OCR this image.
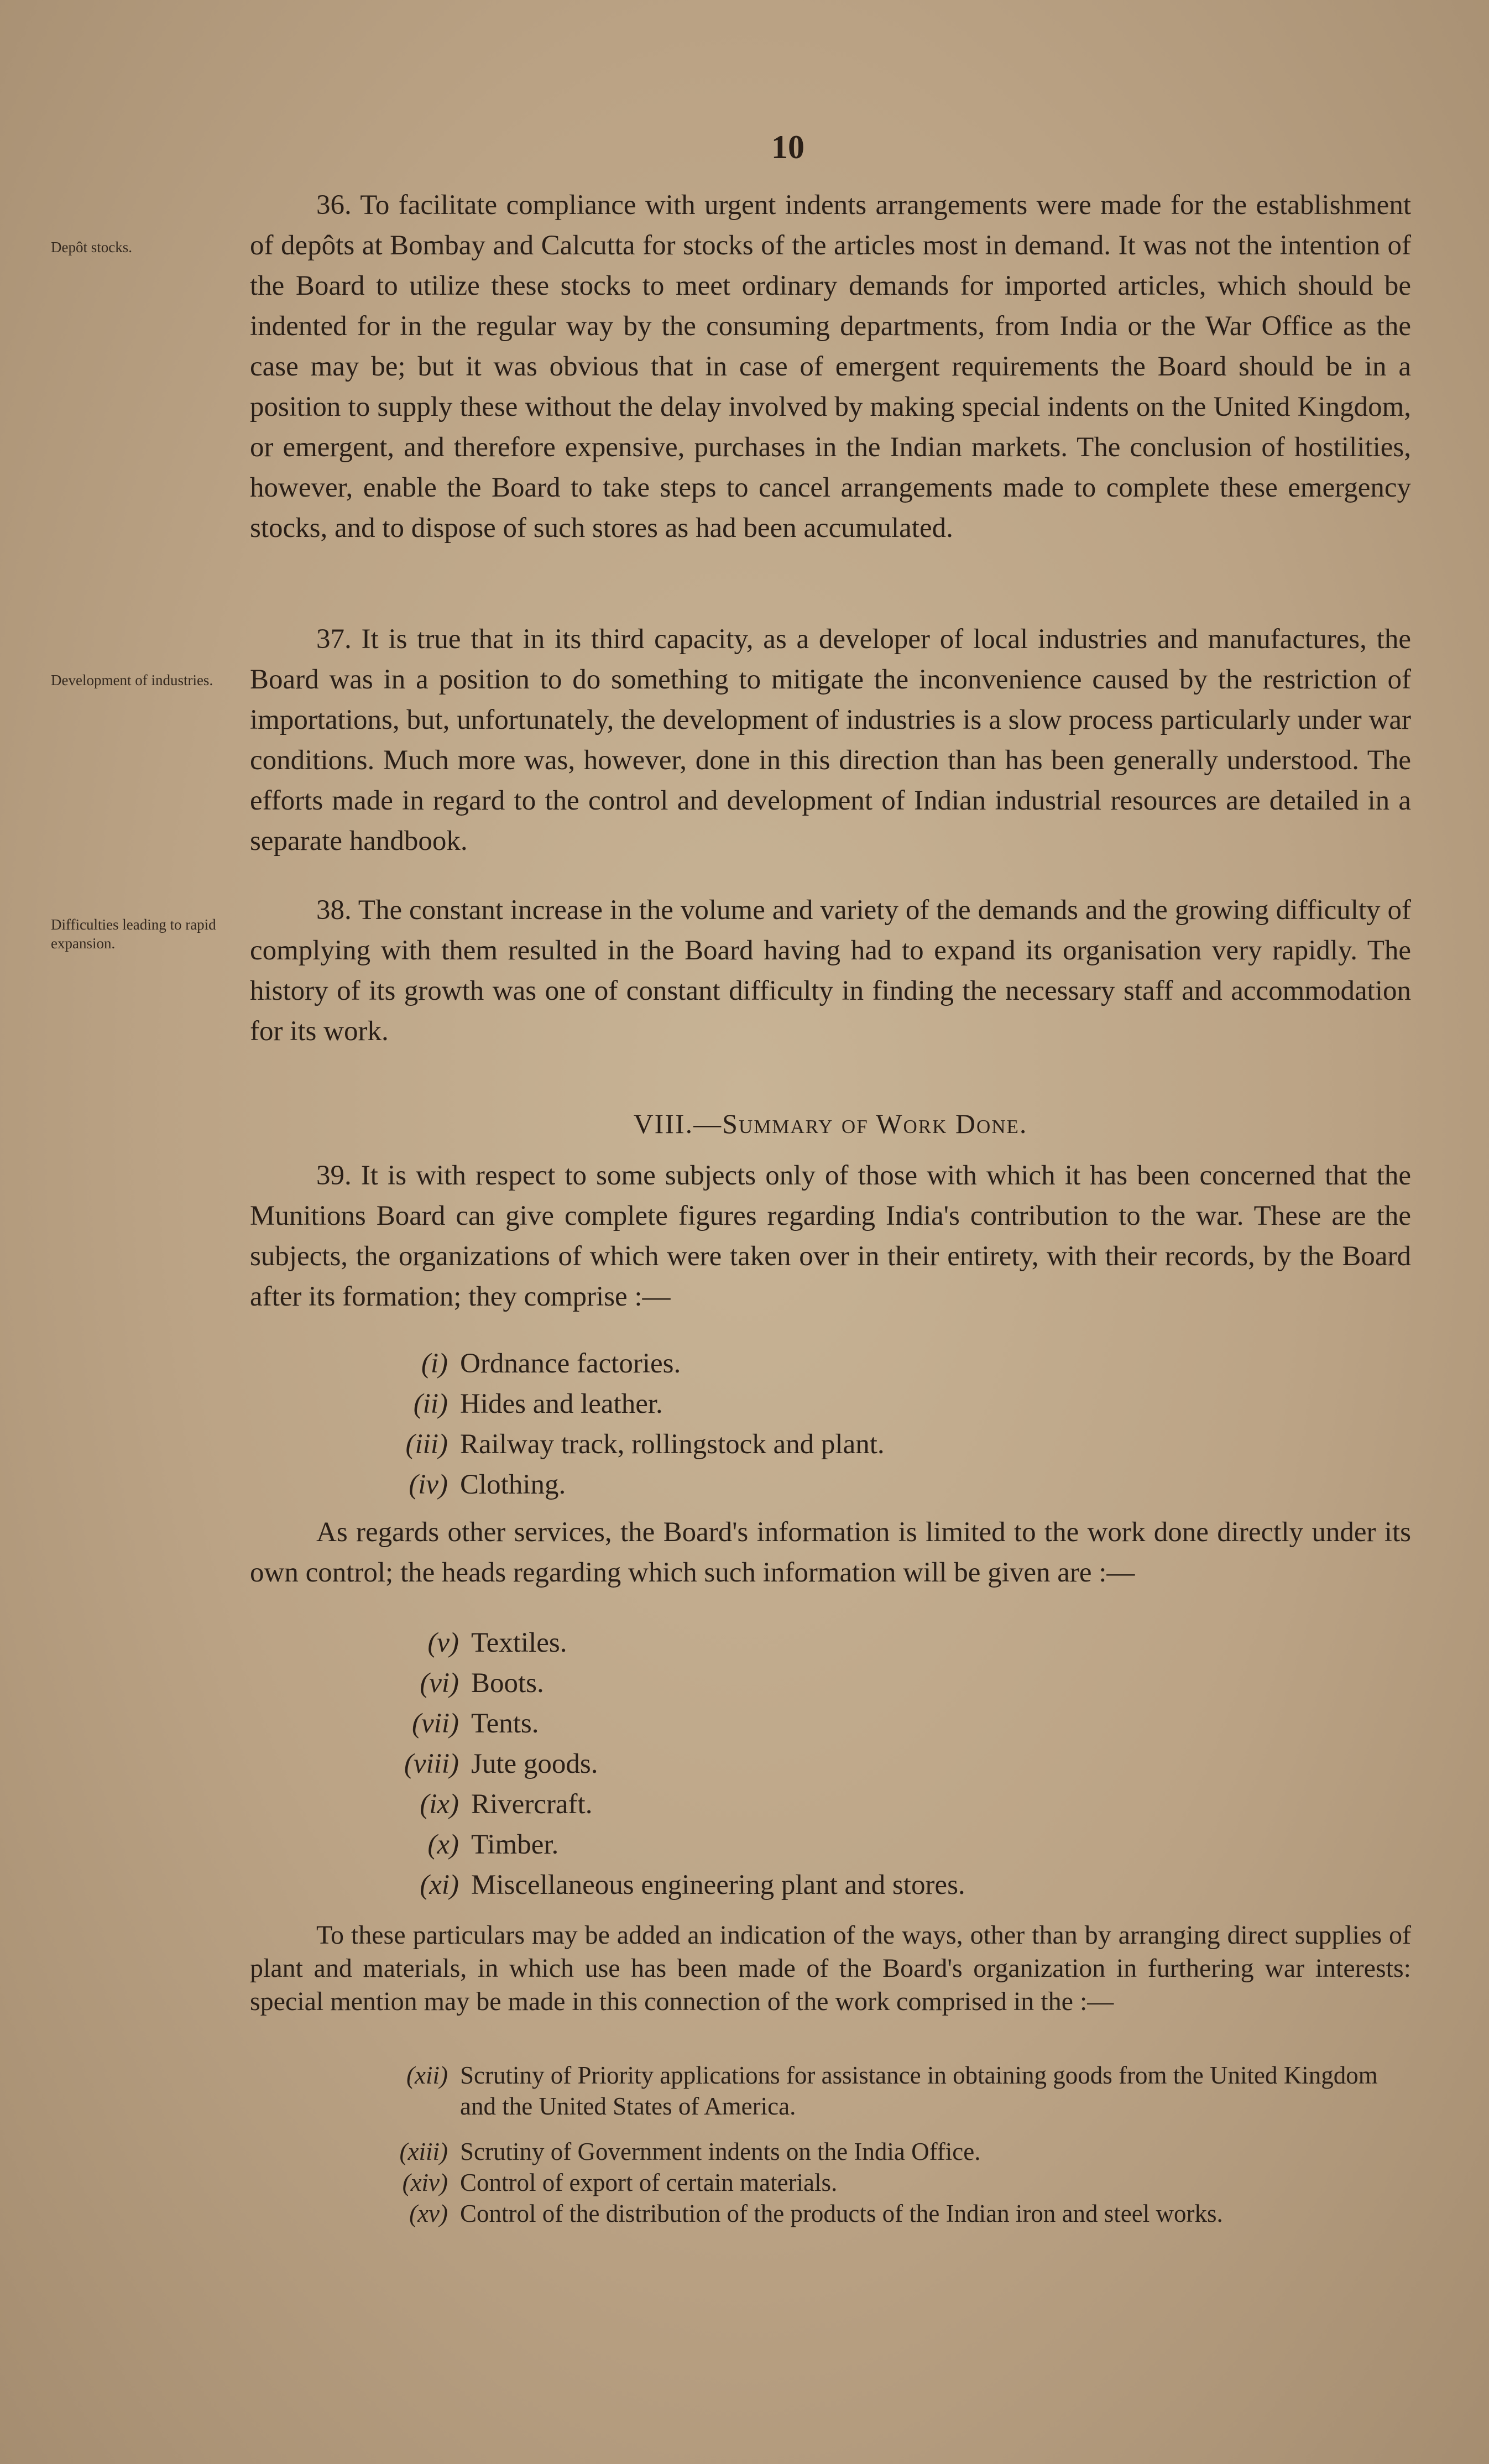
10
Depôt stocks.
Development of industries.
Difficulties leading to rapid expansion.

36. To facilitate compliance with urgent indents arrangements were made for the establishment of depôts at Bombay and Calcutta for stocks of the articles most in demand. It was not the intention of the Board to utilize these stocks to meet ordinary demands for imported articles, which should be indented for in the regular way by the consuming departments, from India or the War Office as the case may be; but it was obvious that in case of emergent requirements the Board should be in a position to supply these without the delay involved by making special indents on the United Kingdom, or emergent, and therefore expensive, purchases in the Indian markets. The conclusion of hostilities, however, enable the Board to take steps to cancel arrangements made to complete these emergency stocks, and to dispose of such stores as had been accumulated.

37. It is true that in its third capacity, as a developer of local industries and manufactures, the Board was in a position to do something to mitigate the inconvenience caused by the restriction of importations, but, unfortunately, the development of industries is a slow process particularly under war conditions. Much more was, however, done in this direction than has been generally understood. The efforts made in regard to the control and development of Indian industrial resources are detailed in a separate handbook.

38. The constant increase in the volume and variety of the demands and the growing difficulty of complying with them resulted in the Board having had to expand its organisation very rapidly. The history of its growth was one of constant difficulty in finding the necessary staff and accommodation for its work.

VIII.—Summary of Work Done.

39. It is with respect to some subjects only of those with which it has been concerned that the Munitions Board can give complete figures regarding India's contribution to the war. These are the subjects, the organizations of which were taken over in their entirety, with their records, by the Board after its formation; they comprise :—

(i) Ordnance factories.
(ii) Hides and leather.
(iii) Railway track, rollingstock and plant.
(iv) Clothing.

As regards other services, the Board's information is limited to the work done directly under its own control; the heads regarding which such information will be given are :—

(v) Textiles.
(vi) Boots.
(vii) Tents.
(viii) Jute goods.
(ix) Rivercraft.
(x) Timber.
(xi) Miscellaneous engineering plant and stores.

To these particulars may be added an indication of the ways, other than by arranging direct supplies of plant and materials, in which use has been made of the Board's organization in furthering war interests: special mention may be made in this connection of the work comprised in the :—

(xii) Scrutiny of Priority applications for assistance in obtaining goods from the United Kingdom and the United States of America.
(xiii) Scrutiny of Government indents on the India Office.
(xiv) Control of export of certain materials.
(xv) Control of the distribution of the products of the Indian iron and steel works.
